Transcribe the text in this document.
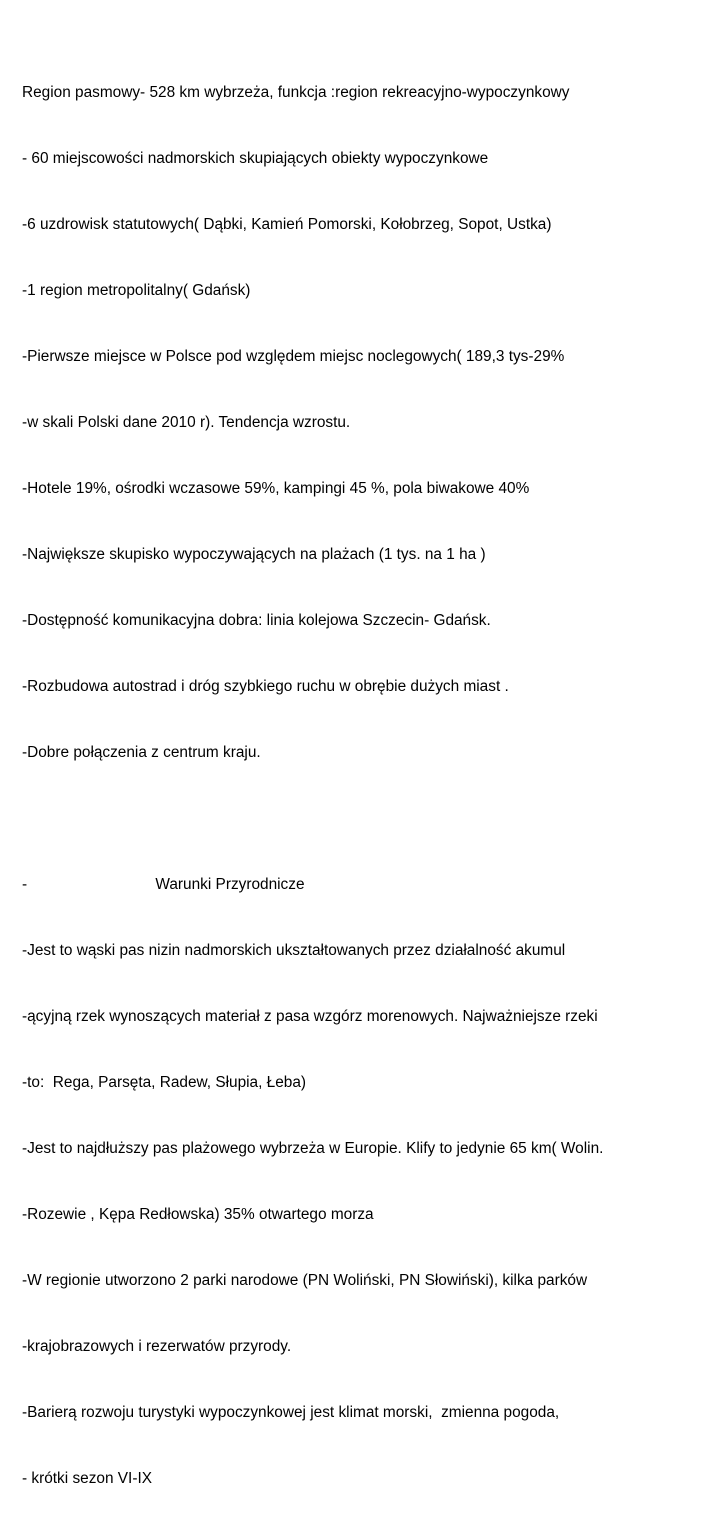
Region pasmowy- 528 km wybrzeża, funkcja :region rekreacyjno-wypoczynkowy

- 60 miejscowości nadmorskich skupiających obiekty wypoczynkowe

-6 uzdrowisk statutowych( Dąbki, Kamień Pomorski, Kołobrzeg, Sopot, Ustka)

-1 region metropolitalny( Gdańsk)

-Pierwsze miejsce w Polsce pod względem miejsc noclegowych( 189,3 tys-29%

-w skali Polski dane 2010 r). Tendencja wzrostu.

-Hotele 19%, ośrodki wczasowe 59%, kampingi 45 %, pola biwakowe 40%

-Największe skupisko wypoczywających na plażach (1 tys. na 1 ha )

-Dostępność komunikacyjna dobra: linia kolejowa Szczecin- Gdańsk.

-Rozbudowa autostrad i dróg szybkiego ruchu w obrębie dużych miast .

-Dobre połączenia z centrum kraju.

-                              Warunki Przyrodnicze

-Jest to wąski pas nizin nadmorskich ukształtowanych przez działalność akumul

-ącyjną rzek wynoszących materiał z pasa wzgórz morenowych. Najważniejsze rzeki

-to:  Rega, Parsęta, Radew, Słupia, Łeba)

-Jest to najdłuższy pas plażowego wybrzeża w Europie. Klify to jedynie 65 km( Wolin.

-Rozewie , Kępa Redłowska) 35% otwartego morza

-W regionie utworzono 2 parki narodowe (PN Woliński, PN Słowiński), kilka parków

-krajobrazowych i rezerwatów przyrody.

-Barierą rozwoju turystyki wypoczynkowej jest klimat morski,  zmienna pogoda,

- krótki sezon VI-IX
